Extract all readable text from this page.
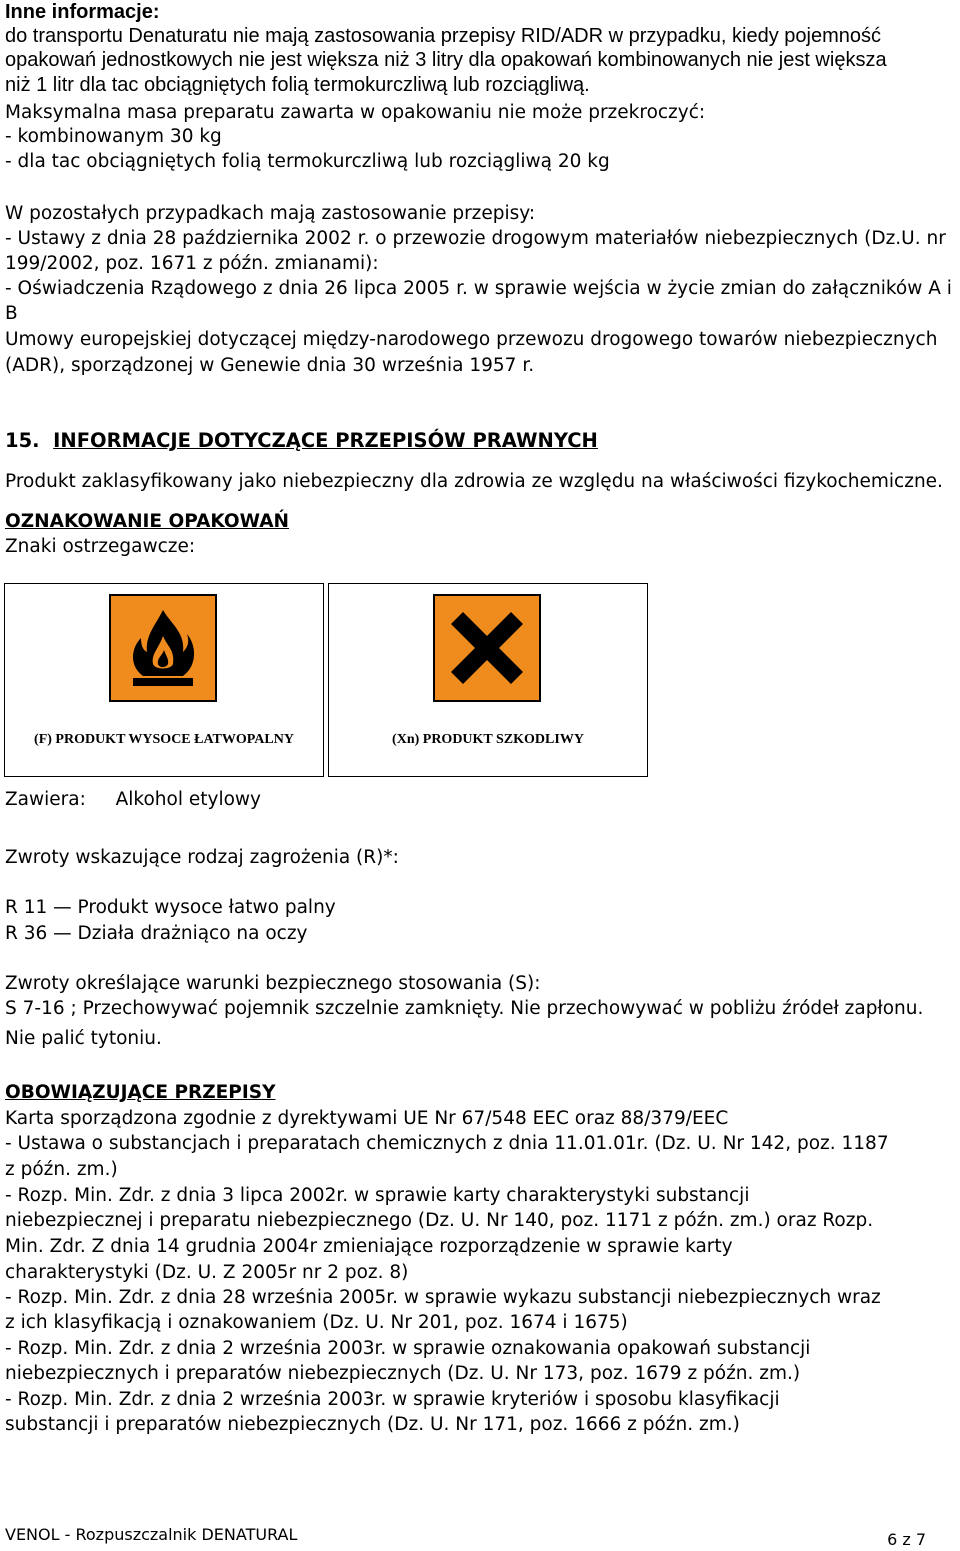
Inne informacje:
do transportu Denaturatu nie mają zastosowania przepisy RID/ADR w przypadku, kiedy pojemność
opakowań jednostkowych nie jest większa niż 3 litry dla opakowań kombinowanych nie jest większa
niż 1 litr dla tac obciągniętych folią termokurczliwą lub rozciągliwą.
Maksymalna masa preparatu zawarta w opakowaniu nie może przekroczyć:
- kombinowanym 30 kg
- dla tac obciągniętych folią termokurczliwą lub rozciągliwą 20 kg
W pozostałych przypadkach mają zastosowanie przepisy:
- Ustawy z dnia 28 października 2002 r. o przewozie drogowym materiałów niebezpiecznych (Dz.U. nr
199/2002, poz. 1671 z późn. zmianami):
- Oświadczenia Rządowego z dnia 26 lipca 2005 r. w sprawie wejścia w życie zmian do załączników A i
B
Umowy europejskiej dotyczącej między-narodowego przewozu drogowego towarów niebezpiecznych
(ADR), sporządzonej w Genewie dnia 30 września 1957 r.
15. INFORMACJE DOTYCZĄCE PRZEPISÓW PRAWNYCH
Produkt zaklasyfikowany jako niebezpieczny dla zdrowia ze względu na właściwości fizykochemiczne.
OZNAKOWANIE OPAKOWAŃ
Znaki ostrzegawcze:
(F) PRODUKT WYSOCE ŁATWOPALNY	(Xn) PRODUKT SZKODLIWY
Zawiera: Alkohol etylowy
Zwroty wskazujące rodzaj zagrożenia (R)*:
R 11 — Produkt wysoce łatwo palny
R 36 — Działa drażniąco na oczy
Zwroty określające warunki bezpiecznego stosowania (S):
S 7-16 ; Przechowywać pojemnik szczelnie zamknięty. Nie przechowywać w pobliżu źródeł zapłonu.
Nie palić tytoniu.
OBOWIĄZUJĄCE PRZEPISY
Karta sporządzona zgodnie z dyrektywami UE Nr 67/548 EEC oraz 88/379/EEC
- Ustawa o substancjach i preparatach chemicznych z dnia 11.01.01r. (Dz. U. Nr 142, poz. 1187
z późn. zm.)
- Rozp. Min. Zdr. z dnia 3 lipca 2002r. w sprawie karty charakterystyki substancji
niebezpiecznej i preparatu niebezpiecznego (Dz. U. Nr 140, poz. 1171 z późn. zm.) oraz Rozp.
Min. Zdr. Z dnia 14 grudnia 2004r zmieniające rozporządzenie w sprawie karty
charakterystyki (Dz. U. Z 2005r nr 2 poz. 8)
- Rozp. Min. Zdr. z dnia 28 września 2005r. w sprawie wykazu substancji niebezpiecznych wraz
z ich klasyfikacją i oznakowaniem (Dz. U. Nr 201, poz. 1674 i 1675)
- Rozp. Min. Zdr. z dnia 2 września 2003r. w sprawie oznakowania opakowań substancji
niebezpiecznych i preparatów niebezpiecznych (Dz. U. Nr 173, poz. 1679 z późn. zm.)
- Rozp. Min. Zdr. z dnia 2 września 2003r. w sprawie kryteriów i sposobu klasyfikacji
substancji i preparatów niebezpiecznych (Dz. U. Nr 171, poz. 1666 z późn. zm.)
VENOL - Rozpuszczalnik DENATURAL	6 z 7
